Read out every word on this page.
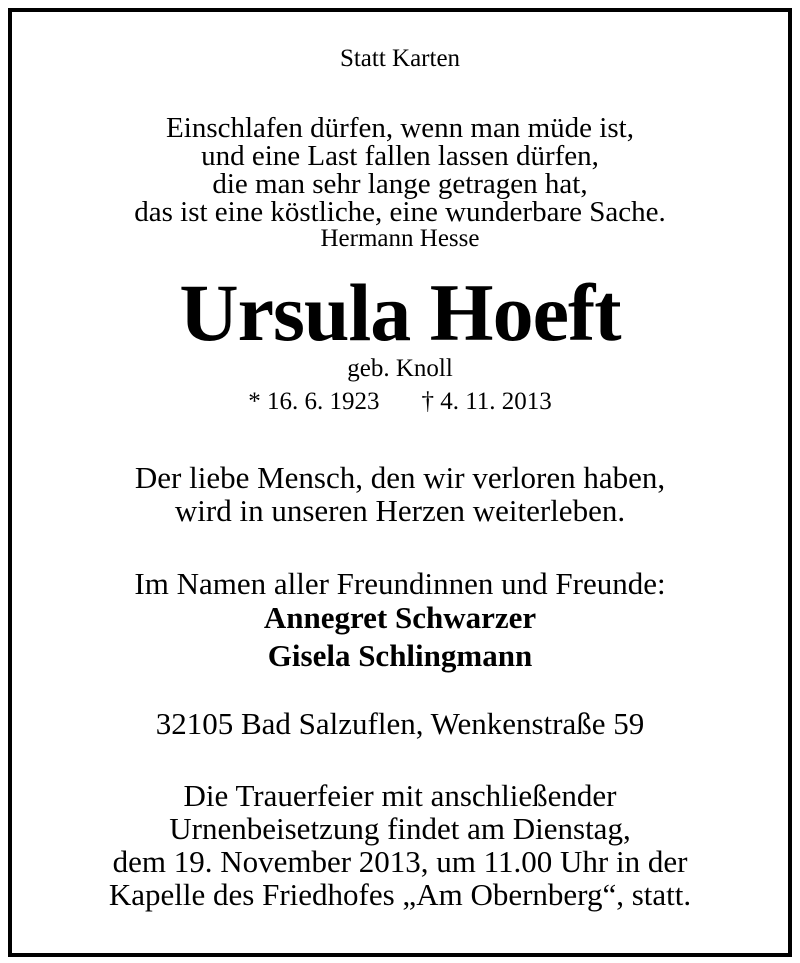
Statt Karten
Einschlafen dürfen, wenn man müde ist,
und eine Last fallen lassen dürfen,
die man sehr lange getragen hat,
das ist eine köstliche, eine wunderbare Sache.
Hermann Hesse
Ursula Hoeft
geb. Knoll
* 16. 6. 1923 † 4. 11. 2013
Der liebe Mensch, den wir verloren haben,
wird in unseren Herzen weiterleben.
Im Namen aller Freundinnen und Freunde:
Annegret Schwarzer
Gisela Schlingmann
32105 Bad Salzuflen, Wenkenstraße 59
Die Trauerfeier mit anschließender
Urnenbeisetzung findet am Dienstag,
dem 19. November 2013, um 11.00 Uhr in der
Kapelle des Friedhofes „Am Obernberg“, statt.
